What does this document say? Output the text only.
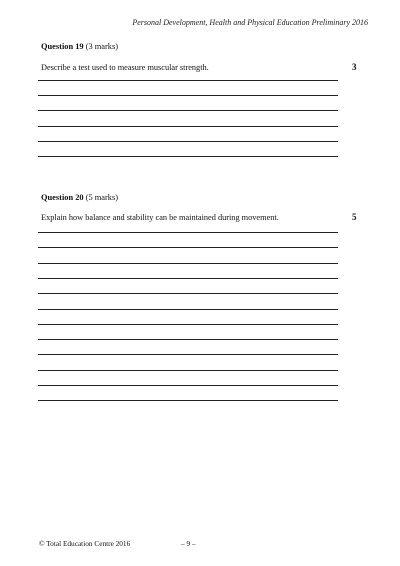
Personal Development, Health and Physical Education Preliminary 2016
Question 19 (3 marks)
Describe a test used to measure muscular strength.	3
Question 20 (5 marks)
Explain how balance and stability can be maintained during movement.	5
© Total Education Centre 2016	– 9 –
